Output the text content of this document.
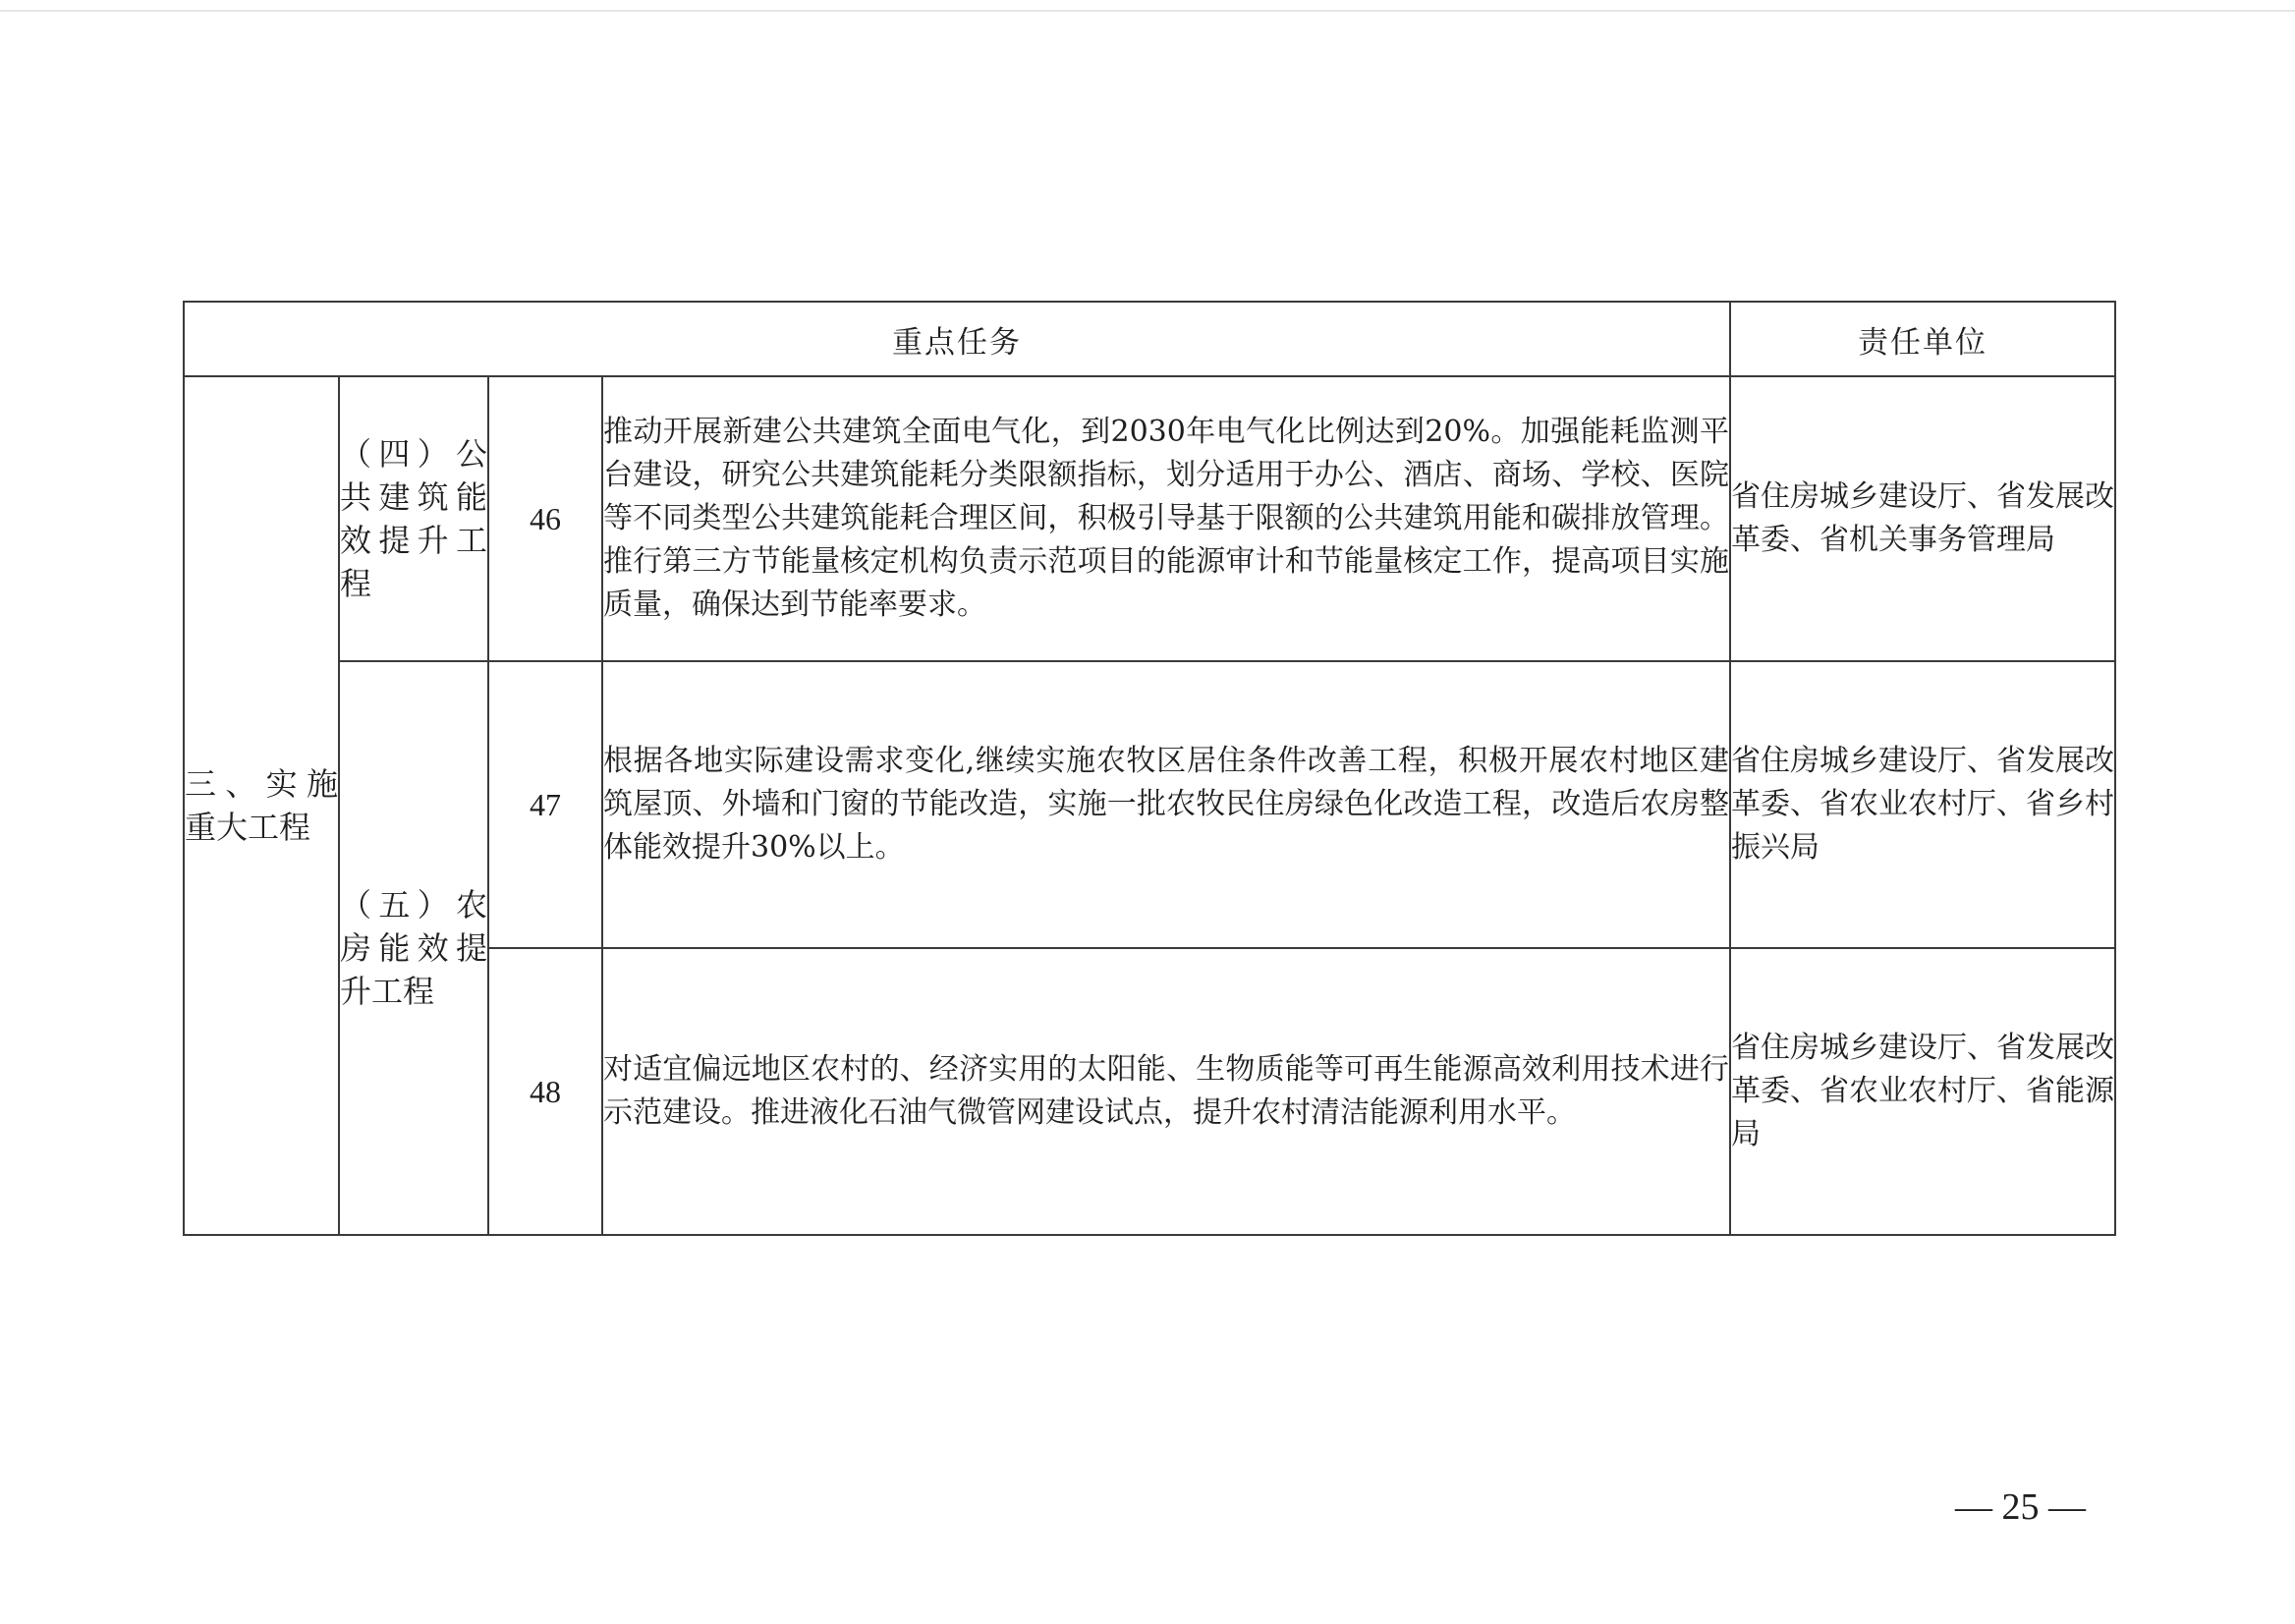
重点任务				责任单位
三、实施重大工程	（四）公共建筑能效提升工程	46	推动开展新建公共建筑全面电气化，到2030年电气化比例达到20%。加强能耗监测平台建设，研究公共建筑能耗分类限额指标，划分适用于办公、酒店、商场、学校、医院等不同类型公共建筑能耗合理区间，积极引导基于限额的公共建筑用能和碳排放管理。推行第三方节能量核定机构负责示范项目的能源审计和节能量核定工作，提高项目实施质量，确保达到节能率要求。	省住房城乡建设厅、省发展改革委、省机关事务管理局
	（五）农房能效提升工程	47	根据各地实际建设需求变化,继续实施农牧区居住条件改善工程，积极开展农村地区建筑屋顶、外墙和门窗的节能改造，实施一批农牧民住房绿色化改造工程，改造后农房整体能效提升30%以上。	省住房城乡建设厅、省发展改革委、省农业农村厅、省乡村振兴局
		48	对适宜偏远地区农村的、经济实用的太阳能、生物质能等可再生能源高效利用技术进行示范建设。推进液化石油气微管网建设试点，提升农村清洁能源利用水平。	省住房城乡建设厅、省发展改革委、省农业农村厅、省能源局
— 25 —
